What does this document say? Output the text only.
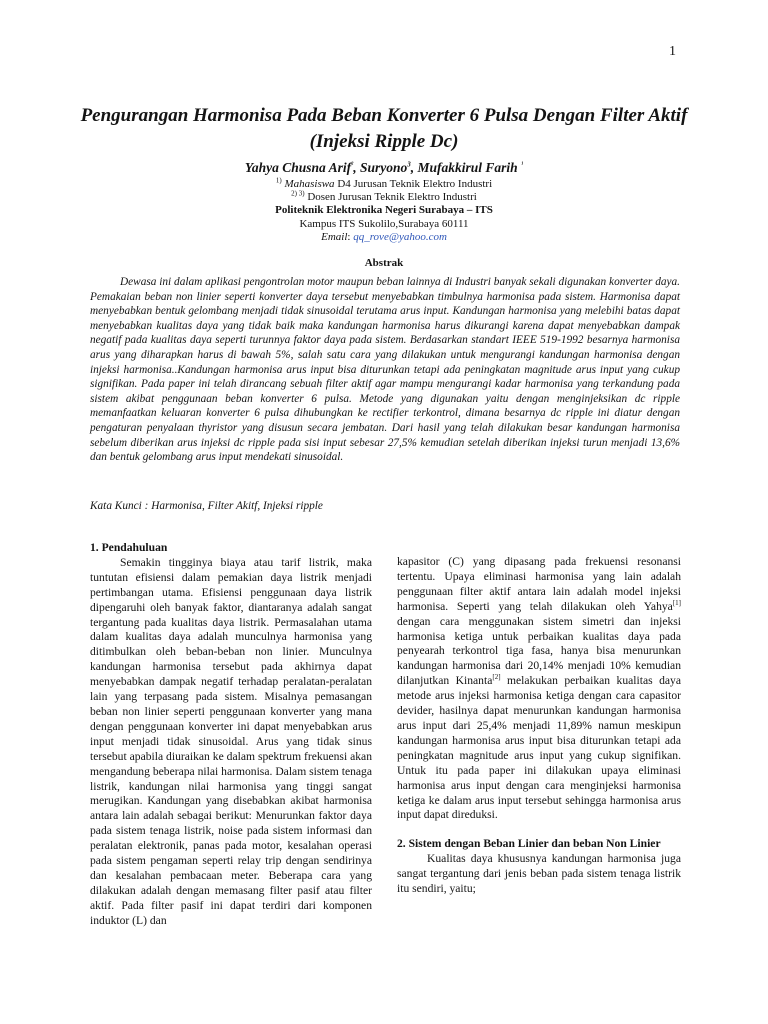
1
Pengurangan Harmonisa Pada Beban Konverter 6 Pulsa Dengan Filter Aktif
(Injeksi Ripple Dc)
Yahya Chusna Arif$^{^2}$, Suryono$^3$, Mufakkirul Farih $^{^1}$
$^{1)}$ Mahasiswa D4 Jurusan Teknik Elektro Industri
$^{2) 3)}$ Dosen Jurusan Teknik Elektro Industri
Politeknik Elektronika Negeri Surabaya – ITS
Kampus ITS Sukolilo,Surabaya 60111
Email: qq_rove@yahoo.com
Abstrak

Dewasa ini dalam aplikasi pengontrolan motor maupun beban lainnya di Industri banyak sekali digunakan konverter daya. Pemakaian beban non linier seperti konverter daya tersebut menyebabkan timbulnya harmonisa pada sistem. Harmonisa dapat menyebabkan bentuk gelombang menjadi tidak sinusoidal terutama arus input. Kandungan harmonisa yang melebihi batas dapat menyebabkan kualitas daya yang tidak baik maka kandungan harmonisa harus dikurangi karena dapat menyebabkan dampak negatif pada kualitas daya seperti turunnya faktor daya pada sistem. Berdasarkan standart IEEE 519-1992 besarnya harmonisa arus yang diharapkan harus di bawah 5%, salah satu cara yang dilakukan untuk mengurangi kandungan harmonisa dengan injeksi harmonisa..Kandungan harmonisa arus input bisa diturunkan tetapi ada peningkatan magnitude arus input yang cukup signifikan. Pada paper ini telah dirancang sebuah filter aktif agar mampu mengurangi kadar harmonisa yang terkandung pada sistem akibat penggunaan beban konverter 6 pulsa. Metode yang digunakan yaitu dengan menginjeksikan dc ripple memanfaatkan keluaran konverter 6 pulsa dihubungkan ke rectifier terkontrol, dimana besarnya dc ripple ini diatur dengan pengaturan penyalaan thyristor yang disusun secara jembatan. Dari hasil yang telah dilakukan besar kandungan harmonisa sebelum diberikan arus injeksi dc ripple pada sisi input sebesar 27,5% kemudian setelah diberikan injeksi turun menjadi 13,6% dan bentuk gelombang arus input mendekati sinusoidal.

Kata Kunci : Harmonisa, Filter Akitf, Injeksi ripple

1. Pendahuluan

Semakin tingginya biaya atau tarif listrik, maka tuntutan efisiensi dalam pemakian daya listrik menjadi pertimbangan utama. Efisiensi penggunaan daya listrik dipengaruhi oleh banyak faktor, diantaranya adalah sangat tergantung pada kualitas daya listrik. Permasalahan utama dalam kualitas daya adalah munculnya harmonisa yang ditimbulkan oleh beban-beban non linier. Munculnya kandungan harmonisa tersebut pada akhirnya dapat menyebabkan dampak negatif terhadap peralatan-peralatan lain yang terpasang pada sistem. Misalnya pemasangan beban non linier seperti penggunaan konverter yang mana dengan penggunaan konverter ini dapat menyebabkan arus input menjadi tidak sinusoidal. Arus yang tidak sinus tersebut apabila diuraikan ke dalam spektrum frekuensi akan mengandung beberapa nilai harmonisa. Dalam sistem tenaga listrik, kandungan nilai harmonisa yang tinggi sangat merugikan. Kandungan yang disebabkan akibat harmonisa antara lain adalah sebagai berikut: Menurunkan faktor daya pada sistem tenaga listrik, noise pada sistem informasi dan peralatan elektronik, panas pada motor, kesalahan operasi pada sistem pengaman seperti relay trip dengan sendirinya dan kesalahan pembacaan meter. Beberapa cara yang dilakukan adalah dengan memasang filter pasif atau filter aktif. Pada filter pasif ini dapat terdiri dari komponen induktor (L) dan

kapasitor (C) yang dipasang pada frekuensi resonansi tertentu. Upaya eliminasi harmonisa yang lain adalah penggunaan filter aktif antara lain adalah model injeksi harmonisa. Seperti yang telah dilakukan oleh Yahya[1] dengan cara menggunakan sistem simetri dan injeksi harmonisa ketiga untuk perbaikan kualitas daya pada penyearah terkontrol tiga fasa, hanya bisa menurunkan kandungan harmonisa dari 20,14% menjadi 10% kemudian dilanjutkan Kinanta[2] melakukan perbaikan kualitas daya metode arus injeksi harmonisa ketiga dengan cara capasitor devider, hasilnya dapat menurunkan kandungan harmonisa arus input dari 25,4% menjadi 11,89% namun meskipun kandungan harmonisa arus input bisa diturunkan tetapi ada peningkatan magnitude arus input yang cukup signifikan. Untuk itu pada paper ini dilakukan upaya eliminasi harmonisa arus input dengan cara menginjeksi harmonisa ketiga ke dalam arus input tersebut sehingga harmonisa arus input dapat direduksi.

2. Sistem dengan Beban Linier dan beban Non Linier

Kualitas daya khususnya kandungan harmonisa juga sangat tergantung dari jenis beban pada sistem tenaga listrik itu sendiri, yaitu;
